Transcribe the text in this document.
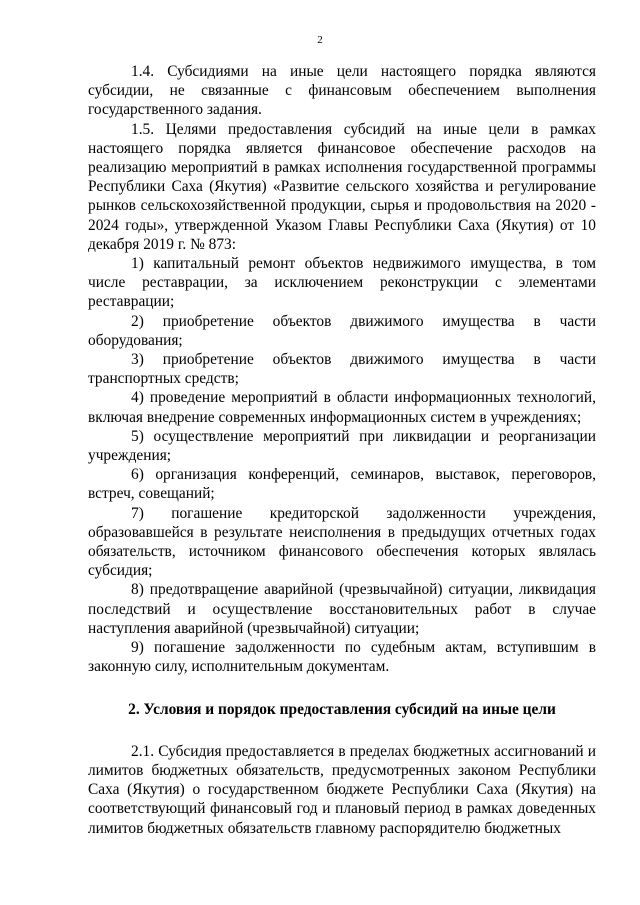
2

1.4. Субсидиями на иные цели настоящего порядка являются субсидии, не связанные с финансовым обеспечением выполнения государственного задания.

1.5. Целями предоставления субсидий на иные цели в рамках настоящего порядка является финансовое обеспечение расходов на реализацию мероприятий в рамках исполнения государственной программы Республики Саха (Якутия) «Развитие сельского хозяйства и регулирование рынков сельскохозяйственной продукции, сырья и продовольствия на 2020 - 2024 годы», утвержденной Указом Главы Республики Саха (Якутия) от 10 декабря 2019 г. № 873:

1) капитальный ремонт объектов недвижимого имущества, в том числе реставрации, за исключением реконструкции с элементами реставрации;

2) приобретение объектов движимого имущества в части оборудования;

3) приобретение объектов движимого имущества в части транспортных средств;

4) проведение мероприятий в области информационных технологий, включая внедрение современных информационных систем в учреждениях;

5) осуществление мероприятий при ликвидации и реорганизации учреждения;

6) организация конференций, семинаров, выставок, переговоров, встреч, совещаний;

7) погашение кредиторской задолженности учреждения, образовавшейся в результате неисполнения в предыдущих отчетных годах обязательств, источником финансового обеспечения которых являлась субсидия;

8) предотвращение аварийной (чрезвычайной) ситуации, ликвидация последствий и осуществление восстановительных работ в случае наступления аварийной (чрезвычайной) ситуации;

9) погашение задолженности по судебным актам, вступившим в законную силу, исполнительным документам.

2. Условия и порядок предоставления субсидий на иные цели

2.1. Субсидия предоставляется в пределах бюджетных ассигнований и лимитов бюджетных обязательств, предусмотренных законом Республики Саха (Якутия) о государственном бюджете Республики Саха (Якутия) на соответствующий финансовый год и плановый период в рамках доведенных лимитов бюджетных обязательств главному распорядителю бюджетных
